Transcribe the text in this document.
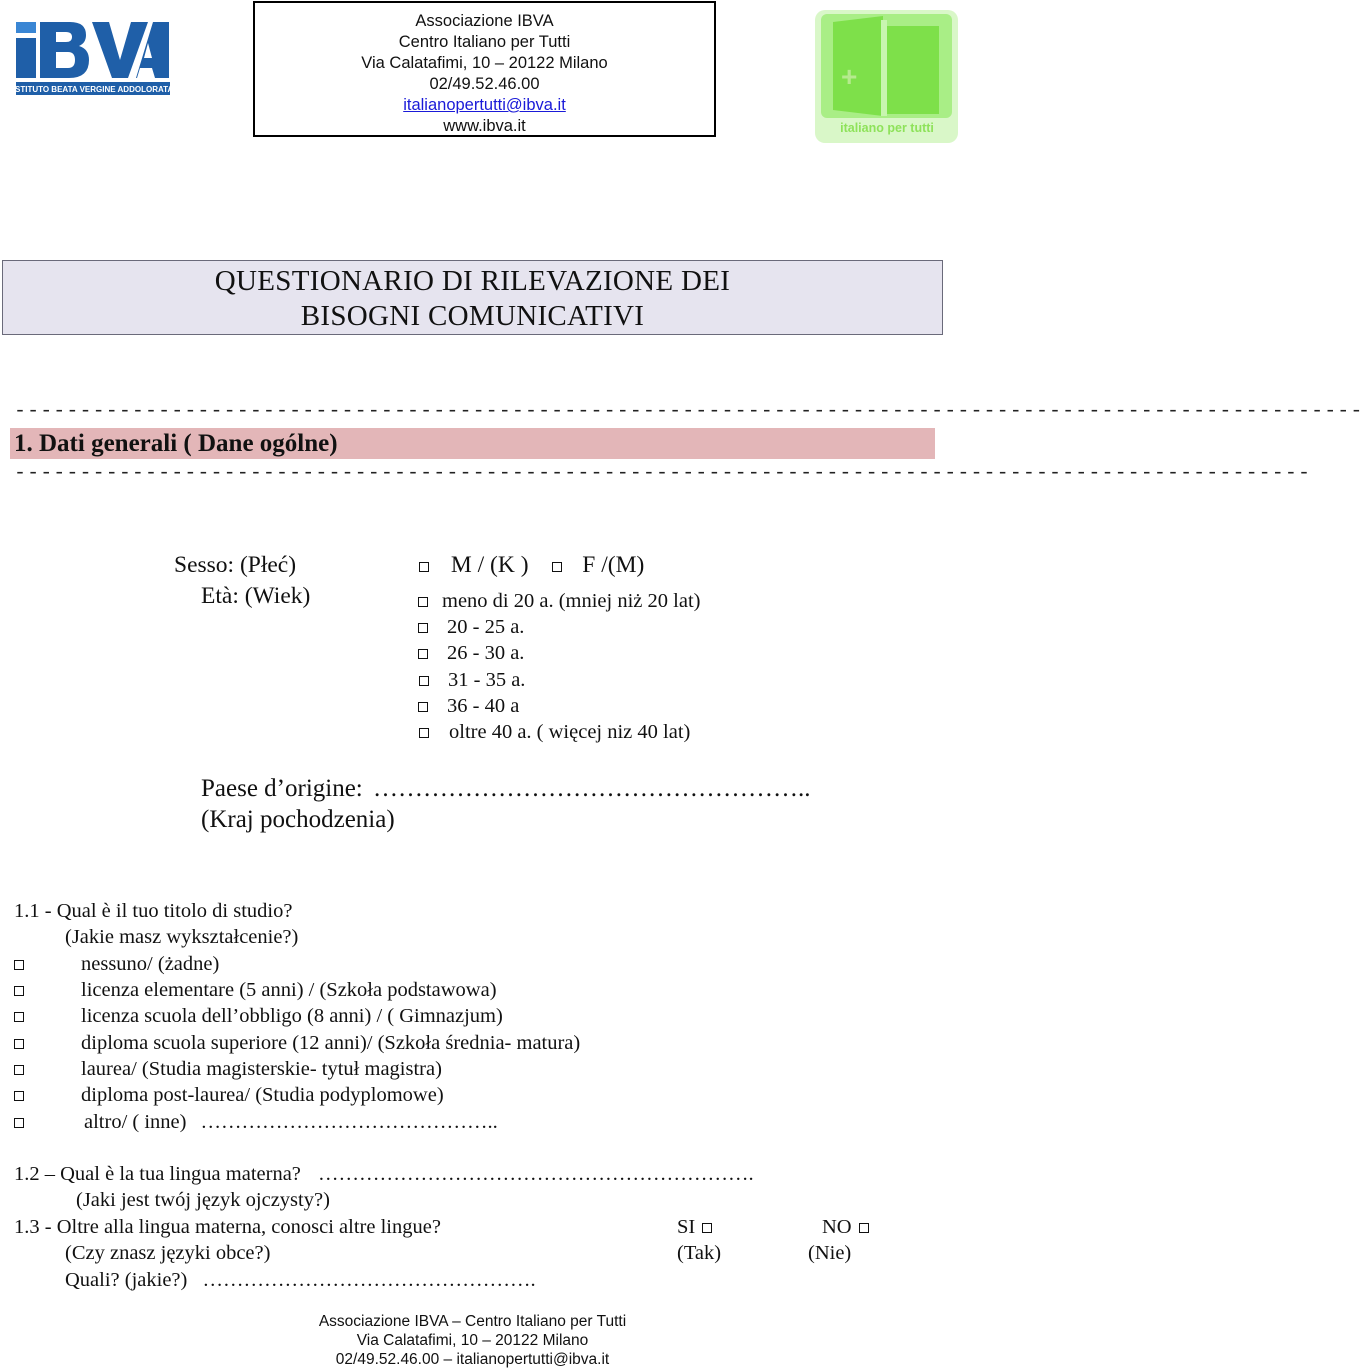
ISTITUTO BEATA VERGINE ADDOLORATA
Associazione IBVA
Centro Italiano per Tutti
Via Calatafimi, 10 – 20122 Milano
02/49.52.46.00
italianopertutti@ibva.it
www.ibva.it
+
italiano per tutti
QUESTIONARIO DI RILEVAZIONE DEI
BISOGNI COMUNICATIVI
-------------------------------------------------------------------------------------------------------
1. Dati generali ( Dane ogólne)
---------------------------------------------------------------------------------------------------
Sesso: (Płeć)	M / (K ) F /(M)
Età: (Wiek)	meno di 20 a. (mniej niż 20 lat)
20 - 25 a.
26 - 30 a.
31 - 35 a.
36 - 40 a
oltre 40 a. ( więcej niz 40 lat)
Paese d’origine: ……………………………………………..
(Kraj pochodzenia)
1.1 - Qual è il tuo titolo di studio?
(Jakie masz wykształcenie?)
nessuno/ (żadne)
licenza elementare (5 anni) / (Szkoła podstawowa)
licenza scuola dell’obbligo (8 anni) / ( Gimnazjum)
diploma scuola superiore (12 anni)/ (Szkoła średnia- matura)
laurea/ (Studia magisterskie- tytuł magistra)
diploma post-laurea/ (Studia podyplomowe)
altro/ ( inne) ……………………………………..
1.2 – Qual è la tua lingua materna? ……………………………………………………….
(Jaki jest twój język ojczysty?)
1.3 - Oltre alla lingua materna, conosci altre lingue?	SI	NO
(Czy znasz języki obce?)	(Tak)	(Nie)
Quali? (jakie?) ………………………………………….
Associazione IBVA – Centro Italiano per Tutti
Via Calatafimi, 10 – 20122 Milano
02/49.52.46.00 – italianopertutti@ibva.it
